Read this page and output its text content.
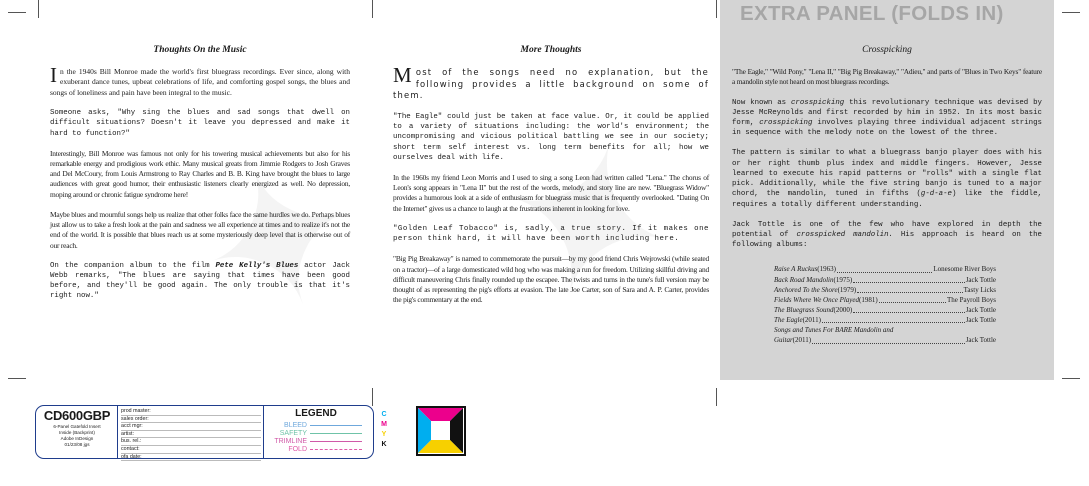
EXTRA PANEL (FOLDS IN)
Thoughts On the Music

In the 1940s Bill Monroe made the world's first bluegrass recordings. Ever since, along with exuberant dance tunes, upbeat celebrations of life, and comforting gospel songs, the blues and songs of loneliness and pain have been integral to the music.

Someone asks, "Why sing the blues and sad songs that dwell on difficult situations? Doesn't it leave you depressed and make it hard to function?"

Interestingly, Bill Monroe was famous not only for his towering musical achievements but also for his remarkable energy and prodigious work ethic. Many musical greats from Jimmie Rodgers to Josh Graves and Del McCoury, from Louis Armstrong to Ray Charles and B. B. King have brought the blues to large audiences with great good humor, their enthusiastic listeners clearly energized as well. No depression, moping around or chronic fatigue syndrome here!

Maybe blues and mournful songs help us realize that other folks face the same hurdles we do. Perhaps blues just allow us to take a fresh look at the pain and sadness we all experience at times and to realize it's not the end of the world. It is possible that blues reach us at some mysteriously deep level that is otherwise out of our reach.

On the companion album to the film Pete Kelly's Blues actor Jack Webb remarks, "The blues are saying that times have been good before, and they'll be good again. The only trouble is that it's right now."

More Thoughts

Most of the songs need no explanation, but the following provides a little background on some of them.

"The Eagle" could just be taken at face value. Or, it could be applied to a variety of situations including: the world's environment; the uncompromising and vicious political battling we see in our society; short term self interest vs. long term benefits for all; how we ourselves deal with life.

In the 1960s my friend Leon Morris and I used to sing a song Leon had written called "Lena." The chorus of Leon's song appears in "Lena II" but the rest of the words, melody, and story line are new. "Bluegrass Widow" provides a humorous look at a side of enthusiasm for bluegrass music that is frequently overlooked. "Dating On the Internet" gives us a chance to laugh at the frustrations inherent in looking for love.

"Golden Leaf Tobacco" is, sadly, a true story. If it makes one person think hard, it will have been worth including here.

"Big Pig Breakaway" is named to commemorate the pursuit—by my good friend Chris Wejrowski (while seated on a tractor)—of a large domesticated wild hog who was making a run for freedom. Utilizing skillful driving and difficult maneuvering Chris finally rounded up the escapee. The twists and turns in the tune's full version may be thought of as representing the pig's efforts at evasion. The late Joe Carter, son of Sara and A. P. Carter, provides the pig's commentary at the end.

Crosspicking

"The Eagle," "Wild Pony," "Lena II," "Big Pig Breakaway," "Adieu," and parts of "Blues in Two Keys" feature a mandolin style not heard on most bluegrass recordings.

Now known as crosspicking this revolutionary technique was devised by Jesse McReynolds and first recorded by him in 1952. In its most basic form, crosspicking involves playing three individual adjacent strings in sequence with the melody note on the lowest of the three.

The pattern is similar to what a bluegrass banjo player does with his or her right thumb plus index and middle fingers. However, Jesse learned to execute his rapid patterns or "rolls" with a single flat pick. Additionally, while the five string banjo is tuned to a major chord, the mandolin, tuned in fifths (g-d-a-e) like the fiddle, requires a totally different understanding.

Jack Tottle is one of the few who have explored in depth the potential of crosspicked mandolin. His approach is heard on the following albums:

Raise A Ruckus (1963)	Lonesome River Boys
Back Road Mandolin (1975)	Jack Tottle
Anchored To the Shore (1979)	Tasty Licks
Fields Where We Once Played (1981)	The Payroll Boys
The Bluegrass Sound (2000)	Jack Tottle
The Eagle (2011)	Jack Tottle
Songs and Tunes For BARE Mandolin and
Guitar (2011)	Jack Tottle
CD600GBP
6-Panel Gatefold Insert
Inside (Backprint)
Adobe InDesign
01/23/08 jgs
prod master:
sales order:
acct mgr:
artist:
bus. rel.:
contact:
ofa date:
LEGEND
BLEED
SAFETY
TRIMLINE
FOLD
C
M
Y
K
